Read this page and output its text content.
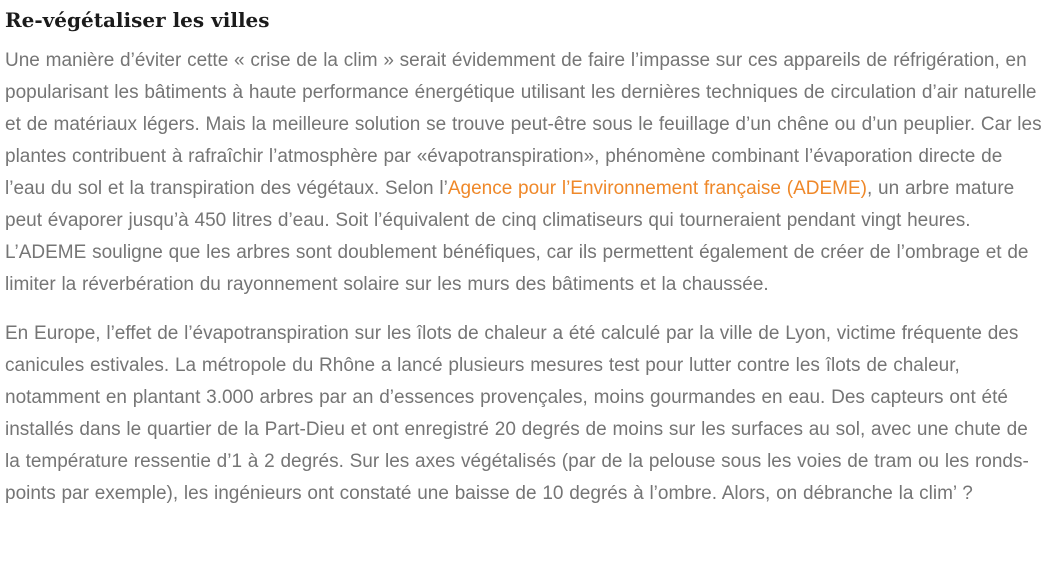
Re-végétaliser les villes

Une manière d’éviter cette « crise de la clim » serait évidemment de faire l’impasse sur ces appareils de réfrigération, en popularisant les bâtiments à haute performance énergétique utilisant les dernières techniques de circulation d’air naturelle et de matériaux légers. Mais la meilleure solution se trouve peut-être sous le feuillage d’un chêne ou d’un peuplier. Car les plantes contribuent à rafraîchir l’atmosphère par «évapotranspiration», phénomène combinant l’évaporation directe de l’eau du sol et la transpiration des végétaux. Selon l’Agence pour l’Environnement française (ADEME), un arbre mature peut évaporer jusqu’à 450 litres d’eau. Soit l’équivalent de cinq climatiseurs qui tourneraient pendant vingt heures. L’ADEME souligne que les arbres sont doublement bénéfiques, car ils permettent également de créer de l’ombrage et de limiter la réverbération du rayonnement solaire sur les murs des bâtiments et la chaussée.

En Europe, l’effet de l’évapotranspiration sur les îlots de chaleur a été calculé par la ville de Lyon, victime fréquente des canicules estivales. La métropole du Rhône a lancé plusieurs mesures test pour lutter contre les îlots de chaleur, notamment en plantant 3.000 arbres par an d’essences provençales, moins gourmandes en eau. Des capteurs ont été installés dans le quartier de la Part-Dieu et ont enregistré 20 degrés de moins sur les surfaces au sol, avec une chute de la température ressentie d’1 à 2 degrés. Sur les axes végétalisés (par de la pelouse sous les voies de tram ou les ronds-points par exemple), les ingénieurs ont constaté une baisse de 10 degrés à l’ombre. Alors, on débranche la clim’ ?
